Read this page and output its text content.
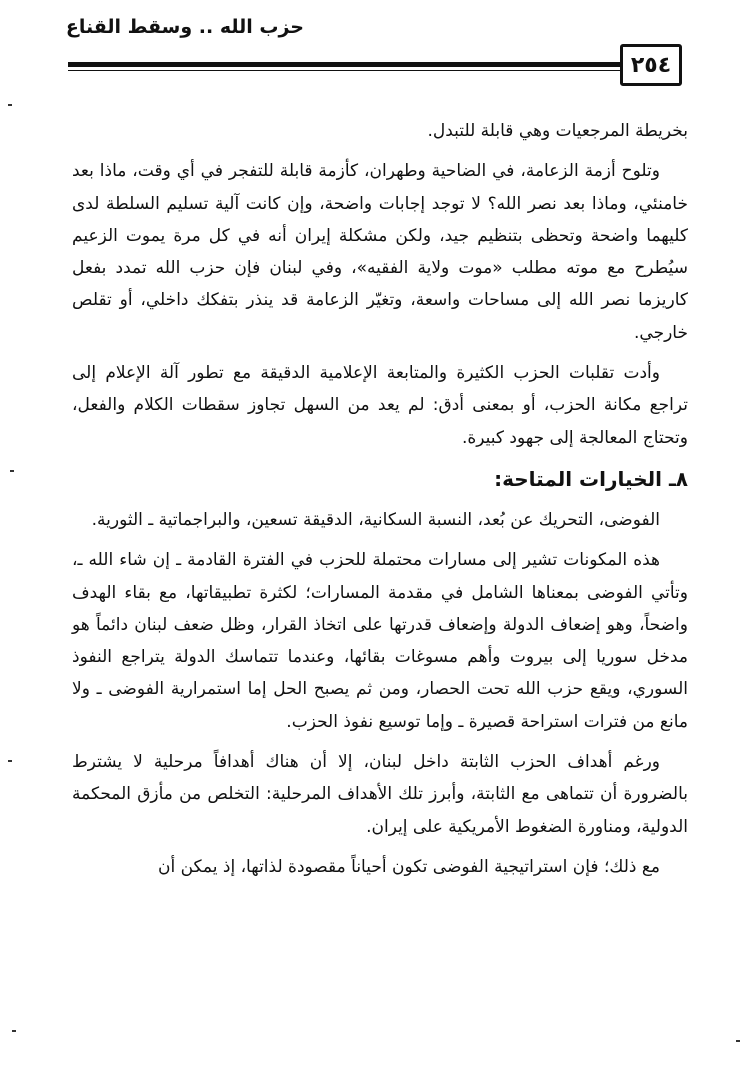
حزب الله .. وسقط القناع
٢٥٤

بخريطة المرجعيات وهي قابلة للتبدل.

وتلوح أزمة الزعامة، في الضاحية وطهران، كأزمة قابلة للتفجر في أي وقت، ماذا بعد خامنئي، وماذا بعد نصر الله؟ لا توجد إجابات واضحة، وإن كانت آلية تسليم السلطة لدى كليهما واضحة وتحظى بتنظيم جيد، ولكن مشكلة إيران أنه في كل مرة يموت الزعيم سيُطرح مع موته مطلب «موت ولاية الفقيه»، وفي لبنان فإن حزب الله تمدد بفعل كاريزما نصر الله إلى مساحات واسعة، وتغيّر الزعامة قد ينذر بتفكك داخلي، أو تقلص خارجي.

وأدت تقلبات الحزب الكثيرة والمتابعة الإعلامية الدقيقة مع تطور آلة الإعلام إلى تراجع مكانة الحزب، أو بمعنى أدق: لم يعد من السهل تجاوز سقطات الكلام والفعل، وتحتاج المعالجة إلى جهود كبيرة.

٨ـ الخيارات المتاحة:

الفوضى، التحريك عن بُعد، النسبة السكانية، الدقيقة تسعين، والبراجماتية ـ الثورية.

هذه المكونات تشير إلى مسارات محتملة للحزب في الفترة القادمة ـ إن شاء الله ـ، وتأتي الفوضى بمعناها الشامل في مقدمة المسارات؛ لكثرة تطبيقاتها، مع بقاء الهدف واضحاً، وهو إضعاف الدولة وإضعاف قدرتها على اتخاذ القرار، وظل ضعف لبنان دائماً هو مدخل سوريا إلى بيروت وأهم مسوغات بقائها، وعندما تتماسك الدولة يتراجع النفوذ السوري، ويقع حزب الله تحت الحصار، ومن ثم يصبح الحل إما استمرارية الفوضى ـ ولا مانع من فترات استراحة قصيرة ـ وإما توسيع نفوذ الحزب.

ورغم أهداف الحزب الثابتة داخل لبنان، إلا أن هناك أهدافاً مرحلية لا يشترط بالضرورة أن تتماهى مع الثابتة، وأبرز تلك الأهداف المرحلية: التخلص من مأزق المحكمة الدولية، ومناورة الضغوط الأمريكية على إيران.

مع ذلك؛ فإن استراتيجية الفوضى تكون أحياناً مقصودة لذاتها، إذ يمكن أن
